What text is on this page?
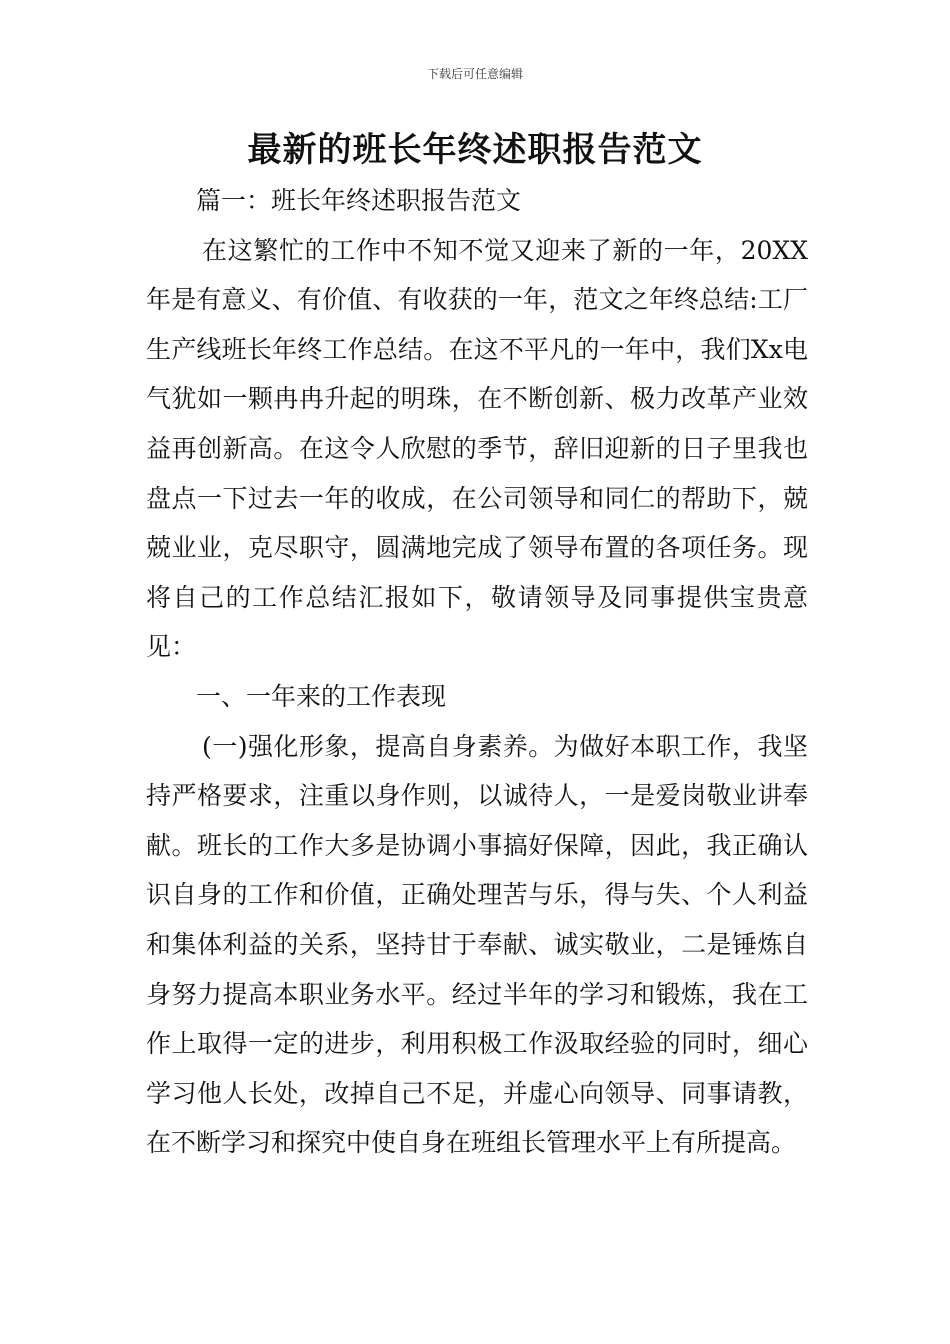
下载后可任意编辑
最新的班长年终述职报告范文

篇一：班长年终述职报告范文

在这繁忙的工作中不知不觉又迎来了新的一年，20XX年是有意义、有价值、有收获的一年，范文之年终总结:工厂生产线班长年终工作总结。在这不平凡的一年中，我们Xx电气犹如一颗冉冉升起的明珠，在不断创新、极力改革产业效益再创新高。在这令人欣慰的季节，辞旧迎新的日子里我也盘点一下过去一年的收成，在公司领导和同仁的帮助下，兢兢业业，克尽职守，圆满地完成了领导布置的各项任务。现将自己的工作总结汇报如下，敬请领导及同事提供宝贵意见：

一、一年来的工作表现

(一)强化形象，提高自身素养。为做好本职工作，我坚持严格要求，注重以身作则，以诚待人，一是爱岗敬业讲奉献。班长的工作大多是协调小事搞好保障，因此，我正确认识自身的工作和价值，正确处理苦与乐，得与失、个人利益和集体利益的关系，坚持甘于奉献、诚实敬业，二是锤炼自身努力提高本职业务水平。经过半年的学习和锻炼，我在工作上取得一定的进步，利用积极工作汲取经验的同时，细心学习他人长处，改掉自己不足，并虚心向领导、同事请教，在不断学习和探究中使自身在班组长管理水平上有所提高。
